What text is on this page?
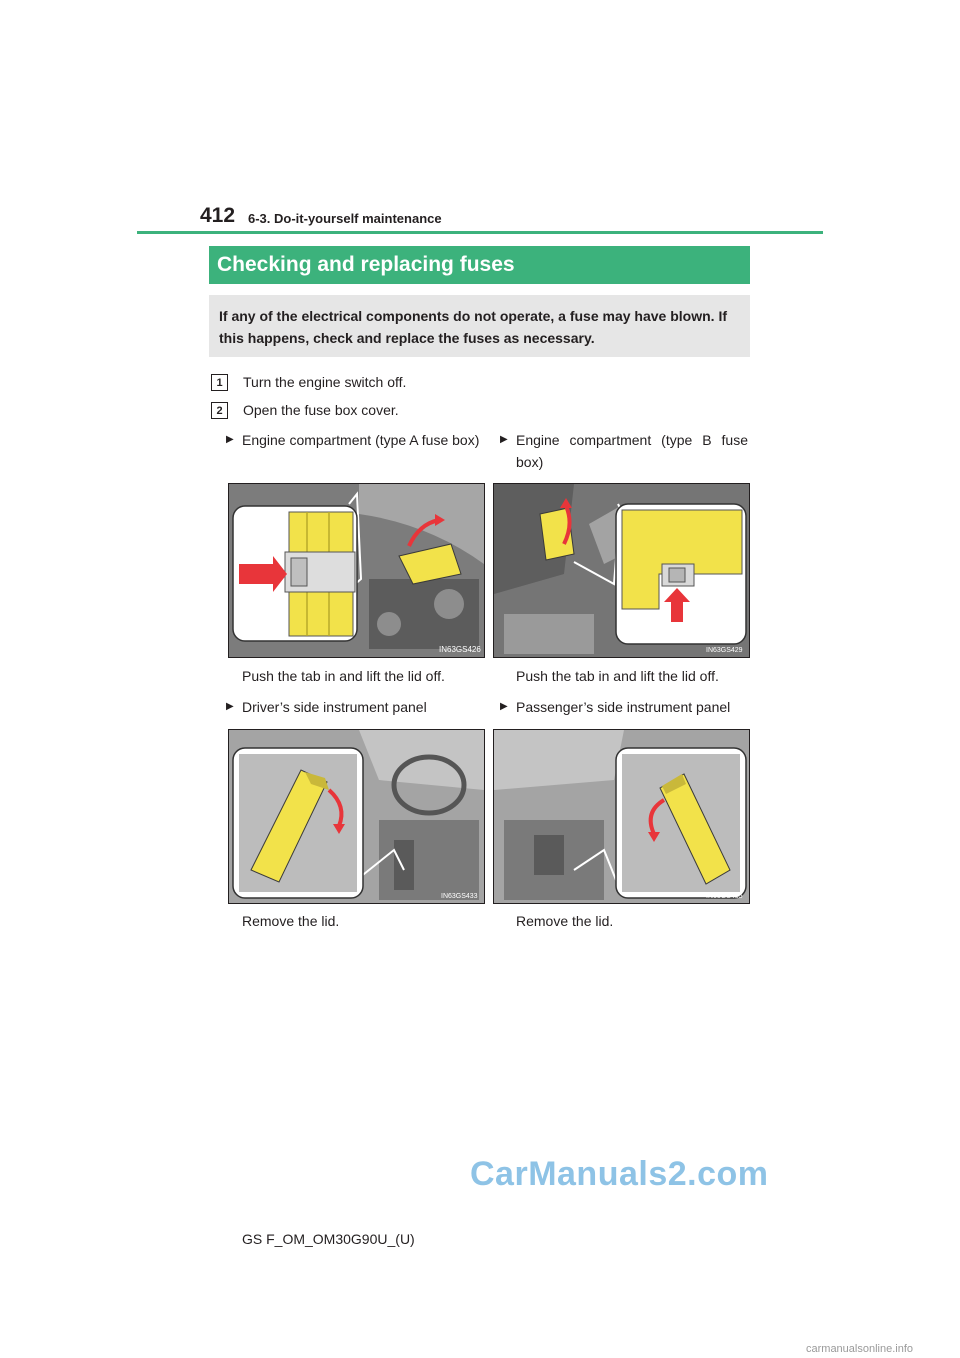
412 6-3. Do-it-yourself maintenance
Checking and replacing fuses
If any of the electrical components do not operate, a fuse may have blown. If this happens, check and replace the fuses as necessary.
1	Turn the engine switch off.
2	Open the fuse box cover.
▶ Engine compartment (type A fuse box)	▶ Engine compartment (type B fuse box)
IN63GS426	IN63GS429
Push the tab in and lift the lid off.	Push the tab in and lift the lid off.
▶ Driver’s side instrument panel	▶ Passenger’s side instrument panel
IN63GS433	IN63GS435
Remove the lid.	Remove the lid.
CarManuals2.com
GS F_OM_OM30G90U_(U)
carmanualsonline.info
